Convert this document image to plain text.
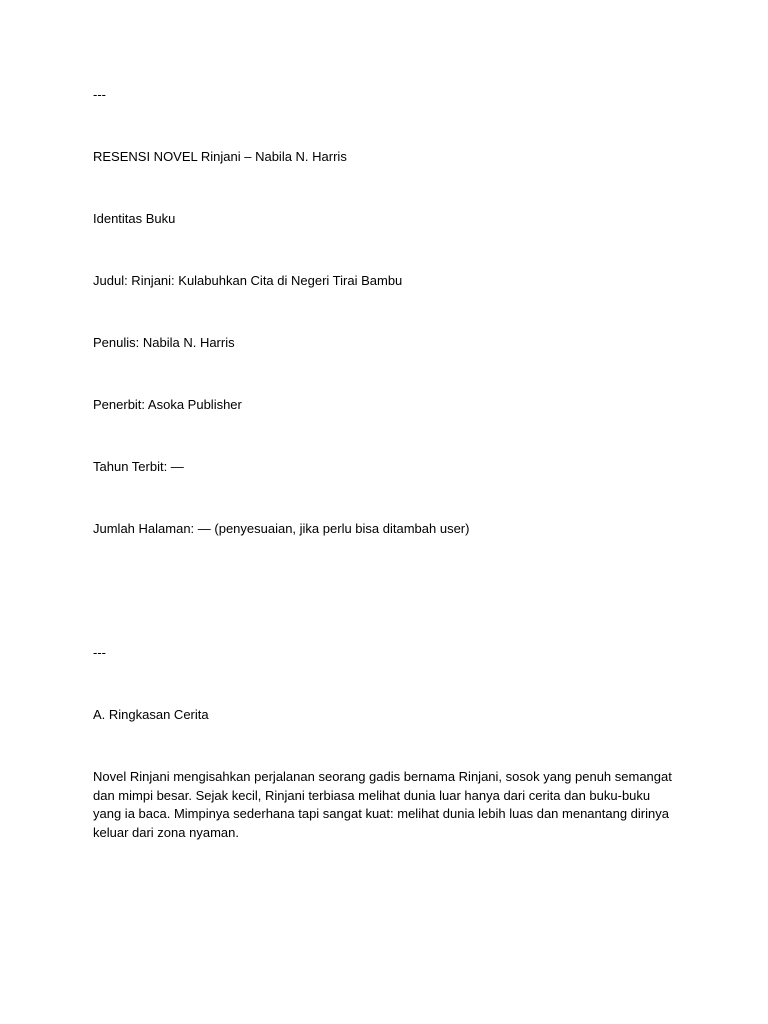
---
RESENSI NOVEL Rinjani – Nabila N. Harris
Identitas Buku
Judul: Rinjani: Kulabuhkan Cita di Negeri Tirai Bambu
Penulis: Nabila N. Harris
Penerbit: Asoka Publisher
Tahun Terbit: —
Jumlah Halaman: — (penyesuaian, jika perlu bisa ditambah user)
---
A. Ringkasan Cerita
Novel Rinjani mengisahkan perjalanan seorang gadis bernama Rinjani, sosok yang penuh semangat
dan mimpi besar. Sejak kecil, Rinjani terbiasa melihat dunia luar hanya dari cerita dan buku-buku
yang ia baca. Mimpinya sederhana tapi sangat kuat: melihat dunia lebih luas dan menantang dirinya
keluar dari zona nyaman.
